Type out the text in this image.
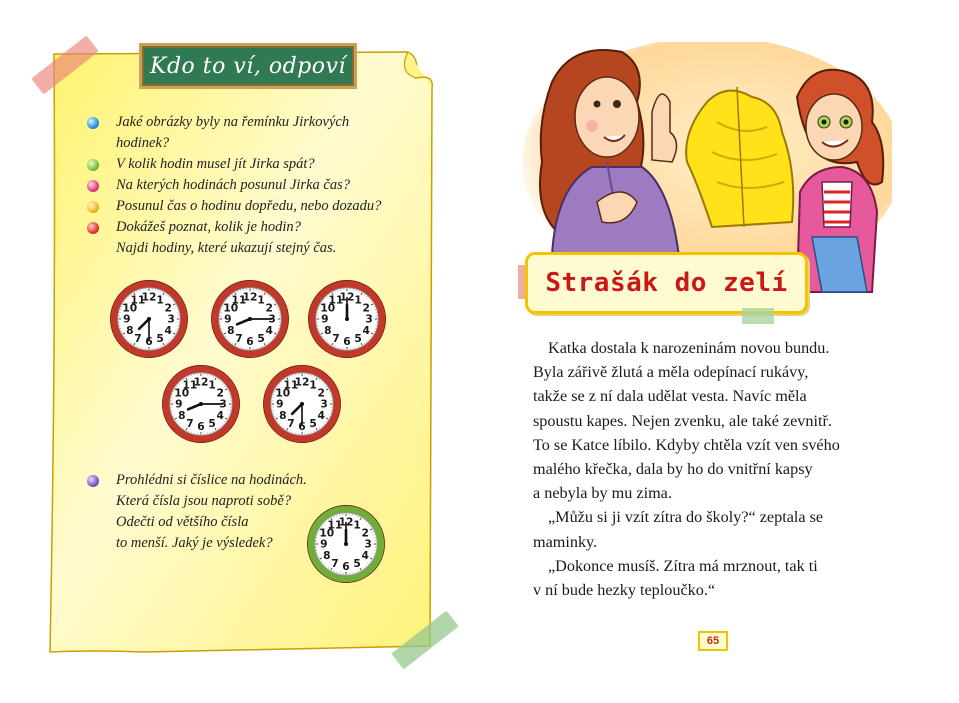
Kdo to ví, odpoví
Jaké obrázky byly na řemínku Jirkových
hodinek?
V kolik hodin musel jít Jirka spát?
Na kterých hodinách posunul Jirka čas?
Posunul čas o hodinu dopředu, nebo dozadu?
Dokážeš poznat, kolik je hodin?
Najdi hodiny, které ukazují stejný čas.
12 1
2
3
4
5
6
7
8
9
10
11	12 1
2
3
4
5
6
7
8
9
10
11	12 1
2
3
4
5
6
7
8
9
10
11
12 1
2
3
4
5
6
7
8
9
10
11	12 1
2
3
4
5
6
7
8
9
10
11
12 1
2
3
4
5
6
7
8
9
10
11
Prohlédni si číslice na hodinách.
Která čísla jsou naproti sobě?
Odečti od většího čísla
to menší. Jaký je výsledek?
Strašák do zelí

Katka dostala k narozeninám novou bundu.

Byla zářivě žlutá a měla odepínací rukávy,

takže se z ní dala udělat vesta. Navíc měla

spoustu kapes. Nejen zvenku, ale také zevnitř.

To se Katce líbilo. Kdyby chtěla vzít ven svého

malého křečka, dala by ho do vnitřní kapsy

a nebyla by mu zima.

„Můžu si ji vzít zítra do školy?“ zeptala se

maminky.

„Dokonce musíš. Zítra má mrznout, tak ti

v ní bude hezky teploučko.“

65
